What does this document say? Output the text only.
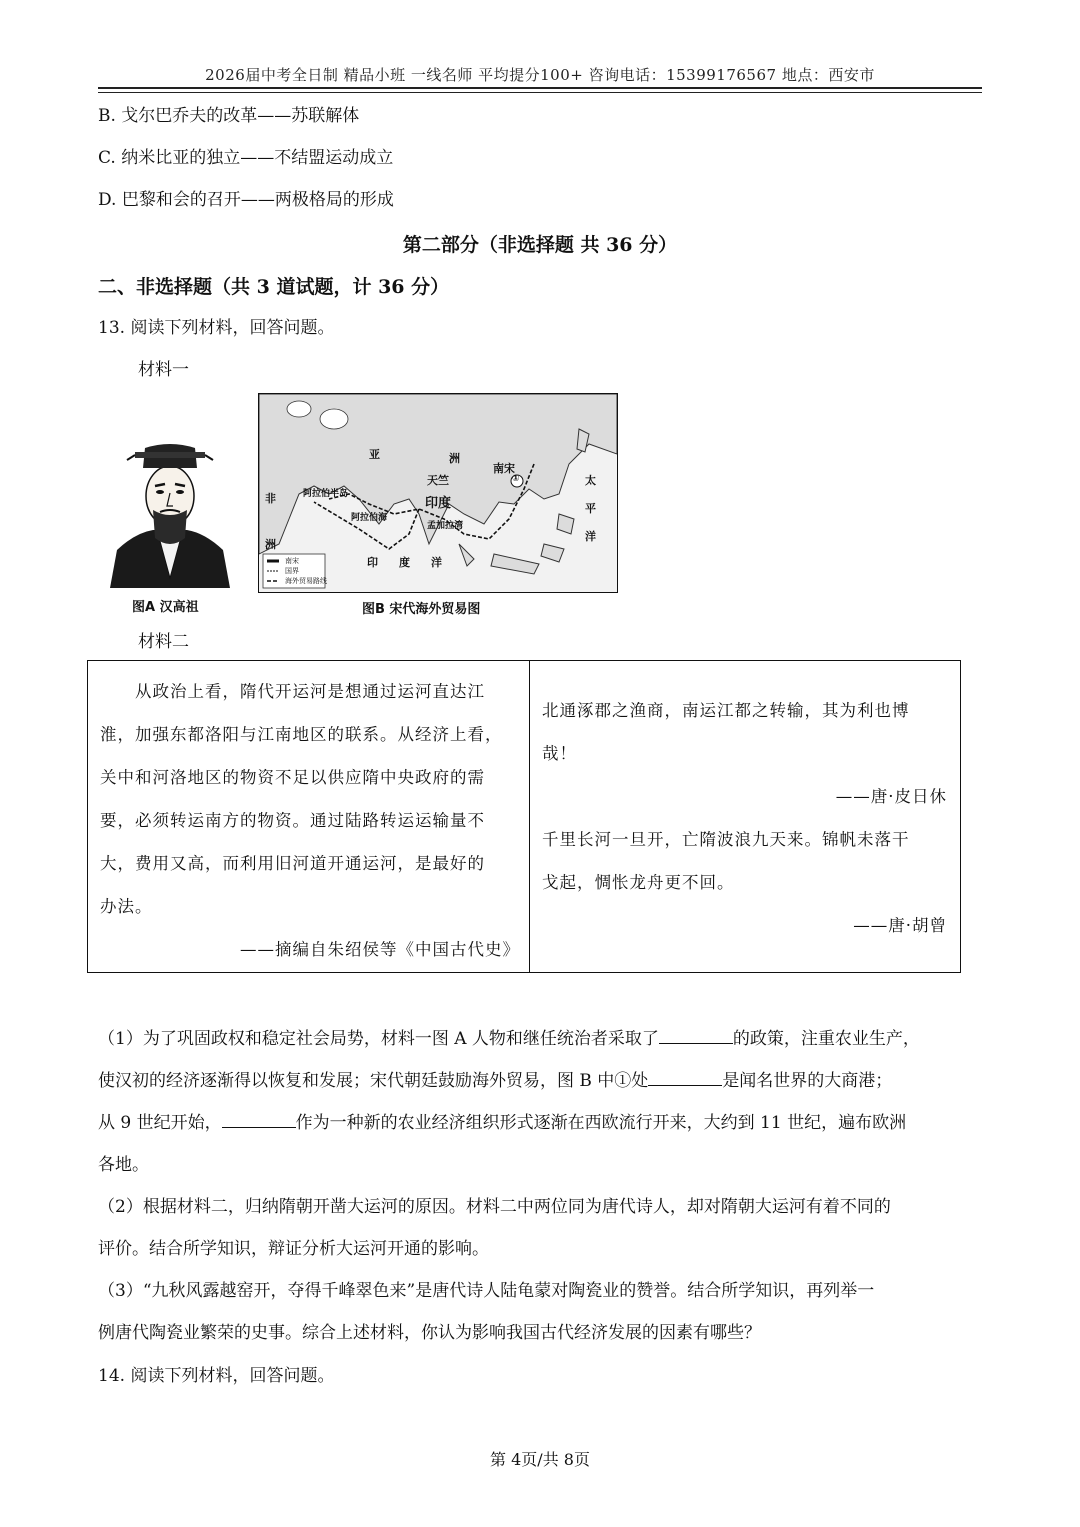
2026届中考全日制 精品小班 一线名师 平均提分100+ 咨询电话：15399176567 地点：西安市
B. 戈尔巴乔夫的改革——苏联解体
C. 纳米比亚的独立——不结盟运动成立
D. 巴黎和会的召开——两极格局的形成
第二部分（非选择题 共 36 分）
二、非选择题（共 3 道试题，计 36 分）
13. 阅读下列材料，回答问题。
材料一
图A 汉高祖
亚	洲
南宋
天竺
印度
阿拉伯半岛
阿拉伯海
孟加拉湾
印 度 洋
非
洲
太
平
洋
①
南宋
国界
海外贸易路线
图B 宋代海外贸易图
材料二
　　从政治上看，隋代开运河是想通过运河直达江
淮，加强东都洛阳与江南地区的联系。从经济上看，
关中和河洛地区的物资不足以供应隋中央政府的需
要，必须转运南方的物资。通过陆路转运运输量不
大，费用又高，而利用旧河道开通运河，是最好的
办法。
——摘编自朱绍侯等《中国古代史》
北通涿郡之渔商，南运江都之转输，其为利也博
哉！
——唐·皮日休
千里长河一旦开，亡隋波浪九天来。锦帆未落干
戈起，惆怅龙舟更不回。
——唐·胡曾
（1）为了巩固政权和稳定社会局势，材料一图 A 人物和继任统治者采取了	的政策，注重农业生产，
使汉初的经济逐渐得以恢复和发展；宋代朝廷鼓励海外贸易，图 B 中①处	是闻名世界的大商港；
从 9 世纪开始，	作为一种新的农业经济组织形式逐渐在西欧流行开来，大约到 11 世纪，遍布欧洲
各地。
（2）根据材料二，归纳隋朝开凿大运河的原因。材料二中两位同为唐代诗人，却对隋朝大运河有着不同的
评价。结合所学知识，辩证分析大运河开通的影响。
（3）“九秋风露越窑开，夺得千峰翠色来”是唐代诗人陆龟蒙对陶瓷业的赞誉。结合所学知识，再列举一
例唐代陶瓷业繁荣的史事。综合上述材料，你认为影响我国古代经济发展的因素有哪些？
14. 阅读下列材料，回答问题。
第 4页/共 8页
